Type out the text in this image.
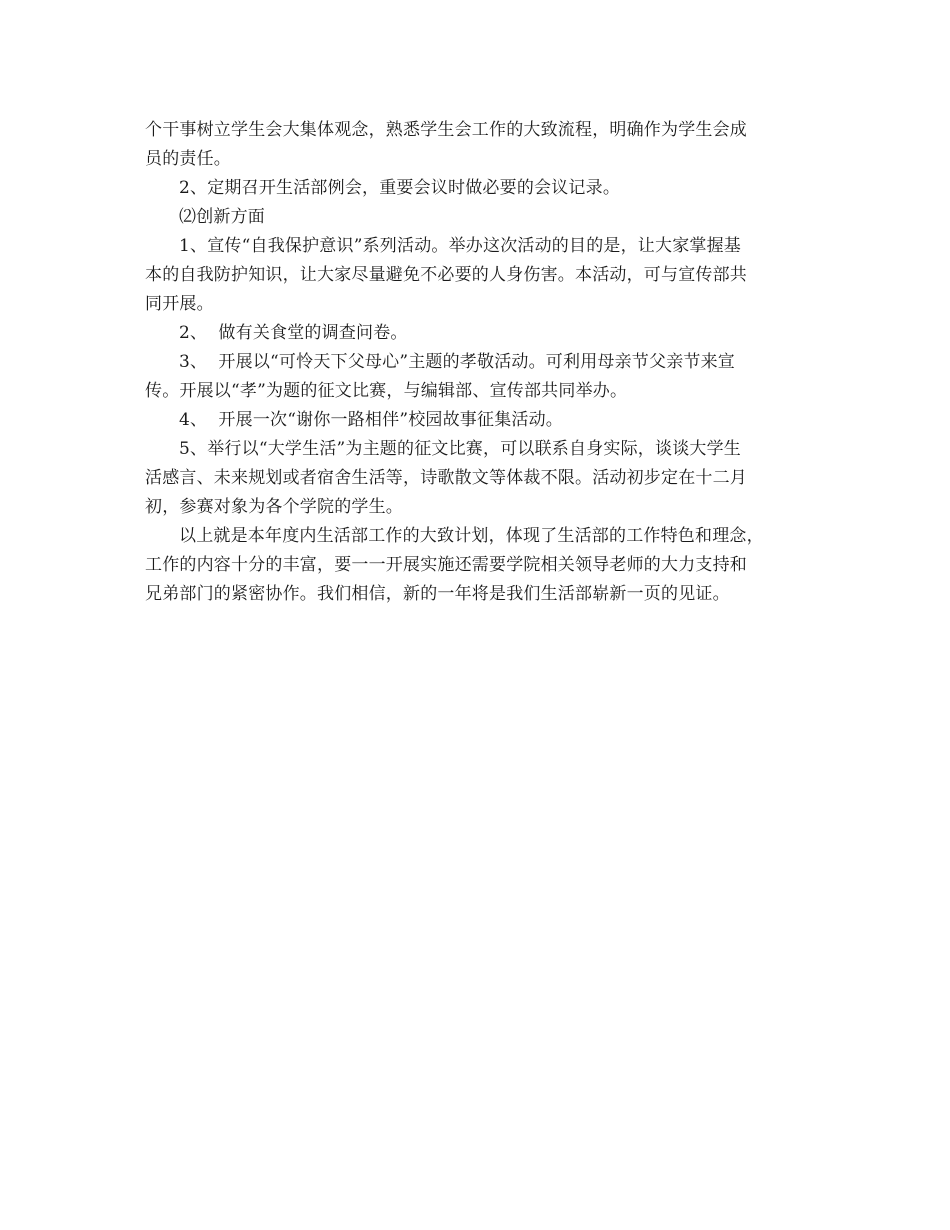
个干事树立学生会大集体观念，熟悉学生会工作的大致流程，明确作为学生会成

员的责任。

2、定期召开生活部例会，重要会议时做必要的会议记录。

⑵创新方面

1、宣传“自我保护意识”系列活动。举办这次活动的目的是，让大家掌握基

本的自我防护知识，让大家尽量避免不必要的人身伤害。本活动，可与宣传部共

同开展。

2、  做有关食堂的调查问卷。

3、  开展以“可怜天下父母心”主题的孝敬活动。可利用母亲节父亲节来宣

传。开展以“孝”为题的征文比赛，与编辑部、宣传部共同举办。

4、  开展一次“谢你一路相伴”校园故事征集活动。

5、举行以“大学生活”为主题的征文比赛，可以联系自身实际，谈谈大学生

活感言、未来规划或者宿舍生活等，诗歌散文等体裁不限。活动初步定在十二月

初，参赛对象为各个学院的学生。

以上就是本年度内生活部工作的大致计划，体现了生活部的工作特色和理念，

工作的内容十分的丰富，要一一开展实施还需要学院相关领导老师的大力支持和

兄弟部门的紧密协作。我们相信，新的一年将是我们生活部崭新一页的见证。
